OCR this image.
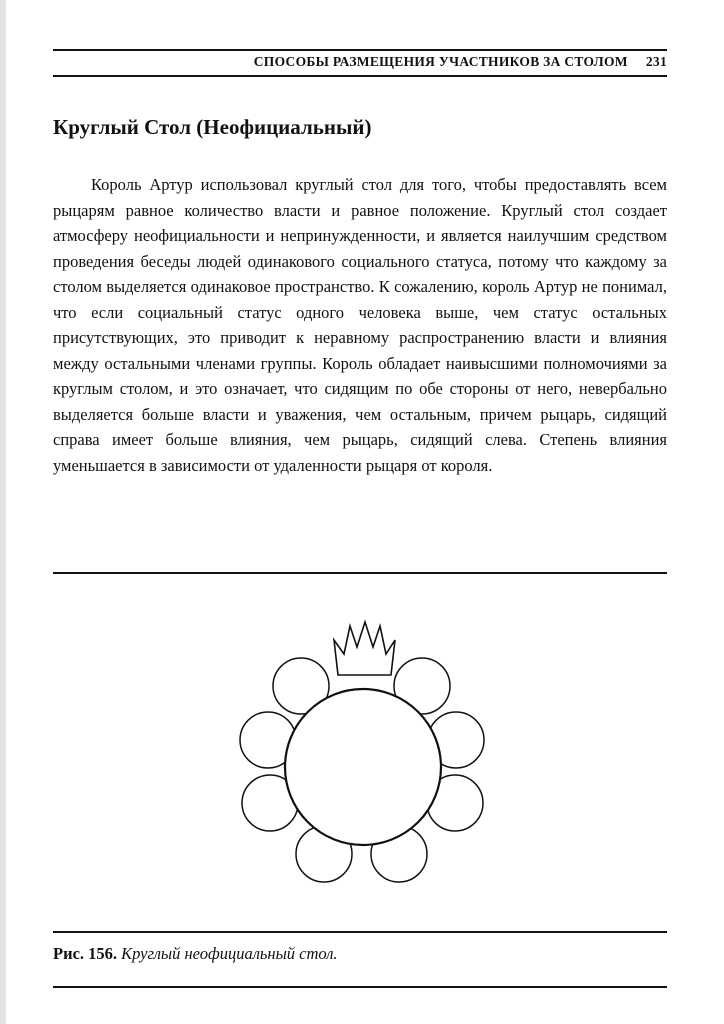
СПОСОБЫ РАЗМЕЩЕНИЯ УЧАСТНИКОВ ЗА СТОЛОМ 231
Круглый Стол (Неофициальный)

Король Артур использовал круглый стол для того, чтобы предоставлять всем рыцарям равное количество власти и равное положение. Круглый стол создает атмосферу неофициальности и непринужденности, и является наилучшим средством проведения беседы людей одинакового социального статуса, потому что каждому за столом выделяется одинаковое пространство. К сожалению, король Артур не понимал, что если социальный статус одного человека выше, чем статус остальных присутствующих, это приводит к неравному распространению власти и влияния между остальными членами группы. Король обладает наивысшими полномочиями за круглым столом, и это означает, что сидящим по обе стороны от него, невербально выделяется больше власти и уважения, чем остальным, причем рыцарь, сидящий справа имеет больше влияния, чем рыцарь, сидящий слева. Степень влияния уменьшается в зависимости от удаленности рыцаря от короля.

Рис. 156. Круглый неофициальный стол.
